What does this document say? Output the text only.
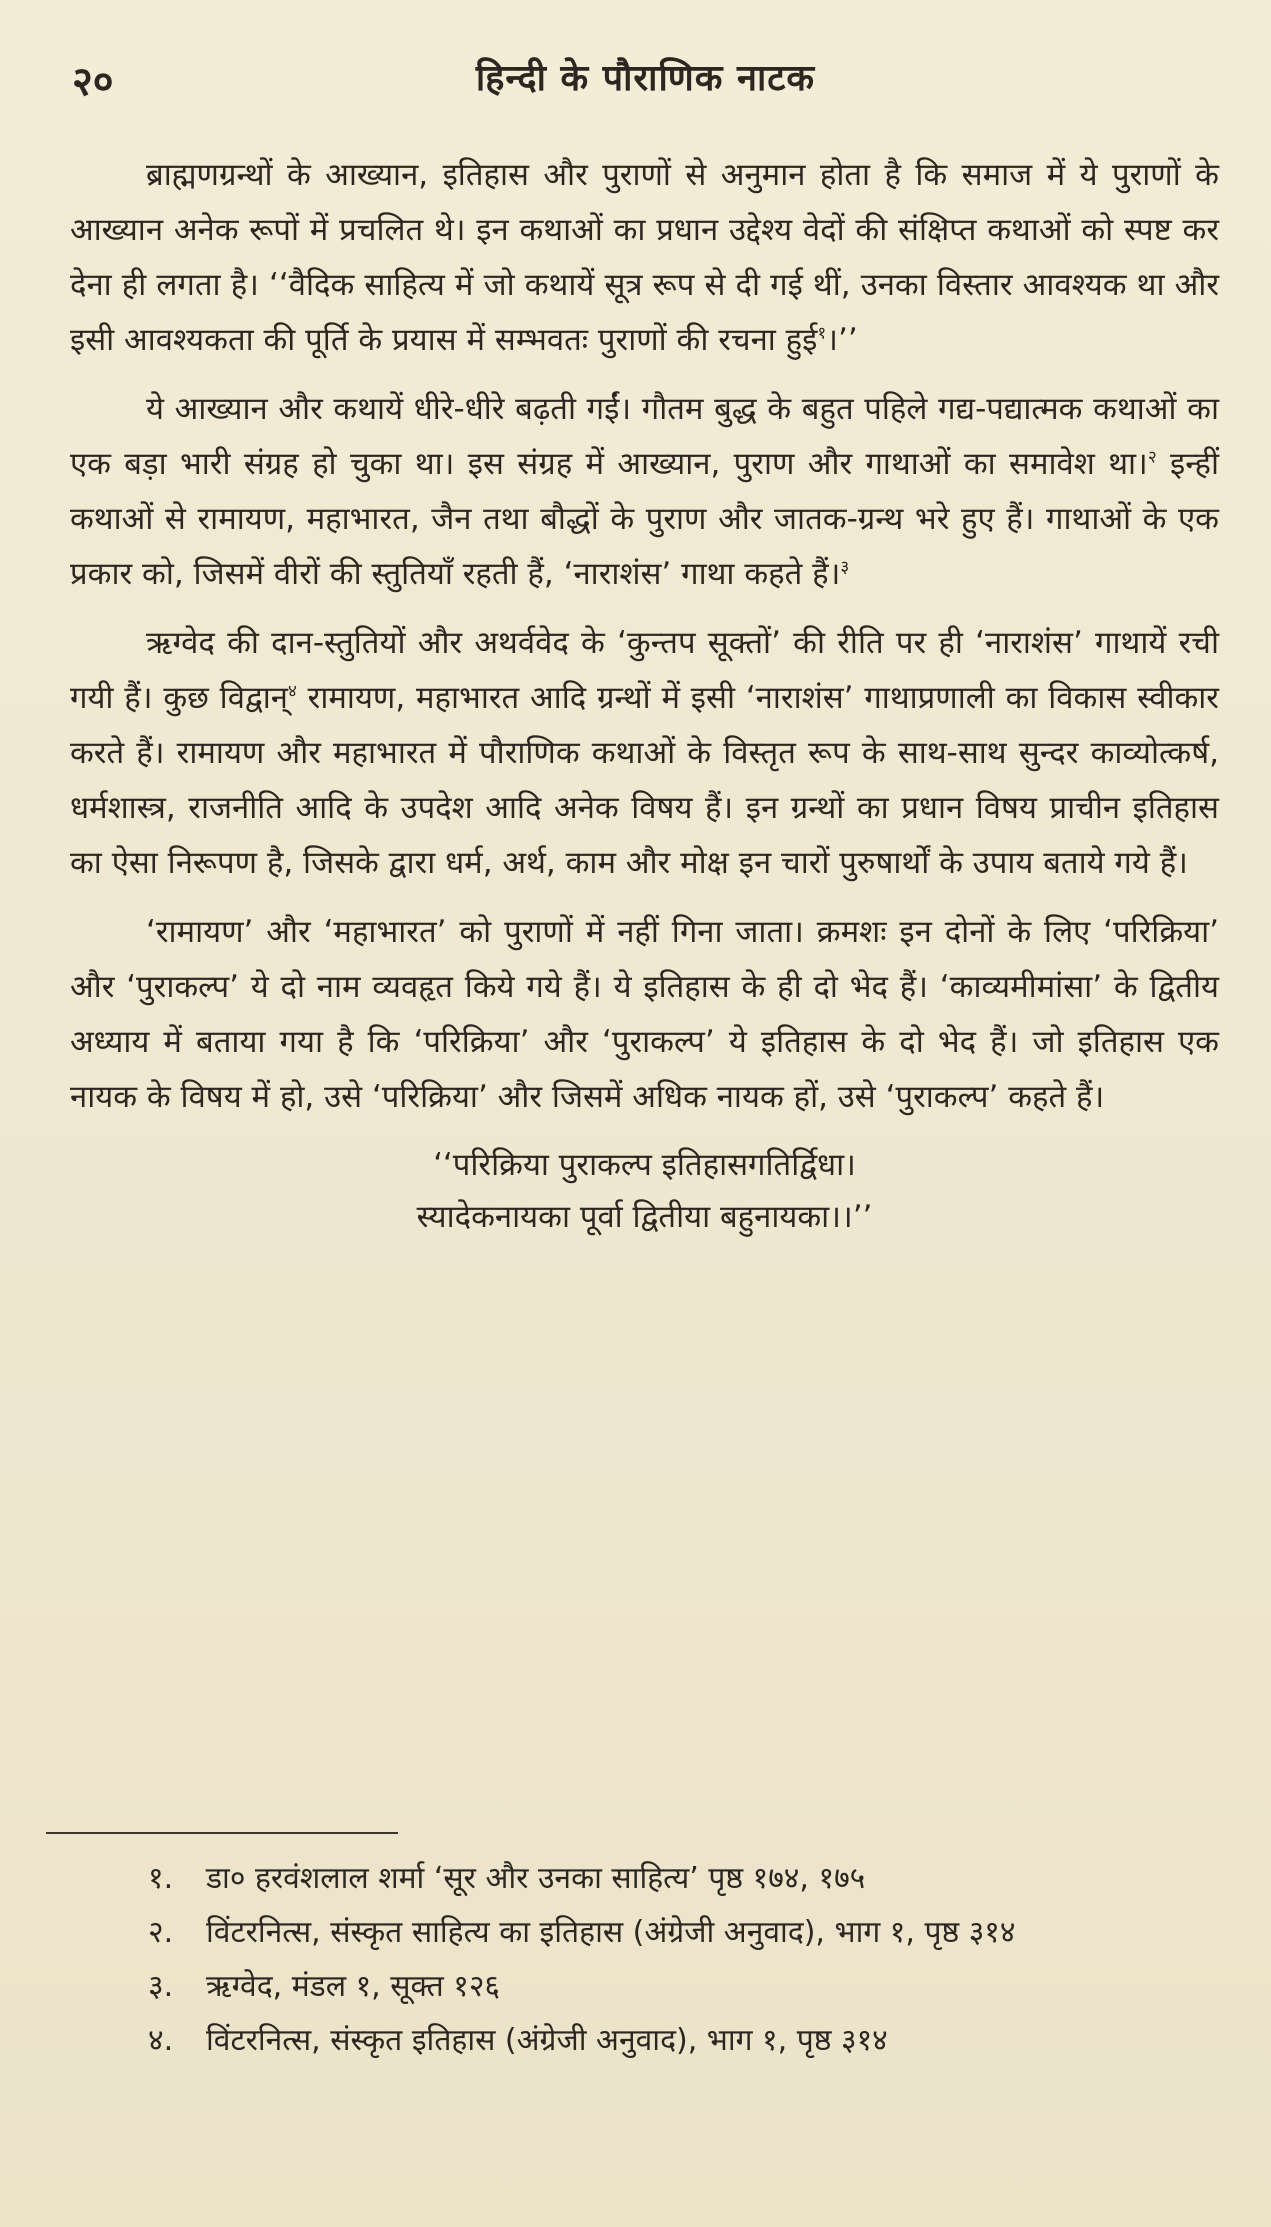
२०	हिन्दी के पौराणिक नाटक

ब्राह्मणग्रन्थों के आख्यान, इतिहास और पुराणों से अनुमान होता है कि समाज में ये पुराणों के आख्यान अनेक रूपों में प्रचलित थे। इन कथाओं का प्रधान उद्देश्य वेदों की संक्षिप्त कथाओं को स्पष्ट कर देना ही लगता है। ‘‘वैदिक साहित्य में जो कथायें सूत्र रूप से दी गई थीं, उनका विस्तार आवश्यक था और इसी आवश्यकता की पूर्ति के प्रयास में सम्भवतः पुराणों की रचना हुई$^१$।’’

ये आख्यान और कथायें धीरे-धीरे बढ़ती गईं। गौतम बुद्ध के बहुत पहिले गद्य-पद्यात्मक कथाओं का एक बड़ा भारी संग्रह हो चुका था। इस संग्रह में आख्यान, पुराण और गाथाओं का समावेश था।$^२$ इन्हीं कथाओं से रामायण, महाभारत, जैन तथा बौद्धों के पुराण और जातक-ग्रन्थ भरे हुए हैं। गाथाओं के एक प्रकार को, जिसमें वीरों की स्तुतियाँ रहती हैं, ‘नाराशंस’ गाथा कहते हैं।$^३$

ऋग्वेद की दान-स्तुतियों और अथर्ववेद के ‘कुन्तप सूक्तों’ की रीति पर ही ‘नाराशंस’ गाथायें रची गयी हैं। कुछ विद्वान्$^४$ रामायण, महाभारत आदि ग्रन्थों में इसी ‘नाराशंस’ गाथाप्रणाली का विकास स्वीकार करते हैं। रामायण और महाभारत में पौराणिक कथाओं के विस्तृत रूप के साथ-साथ सुन्दर काव्योत्कर्ष, धर्मशास्त्र, राजनीति आदि के उपदेश आदि अनेक विषय हैं। इन ग्रन्थों का प्रधान विषय प्राचीन इतिहास का ऐसा निरूपण है, जिसके द्वारा धर्म, अर्थ, काम और मोक्ष इन चारों पुरुषार्थों के उपाय बताये गये हैं।

‘रामायण’ और ‘महाभारत’ को पुराणों में नहीं गिना जाता। क्रमशः इन दोनों के लिए ‘परिक्रिया’ और ‘पुराकल्प’ ये दो नाम व्यवहृत किये गये हैं। ये इतिहास के ही दो भेद हैं। ‘काव्यमीमांसा’ के द्वितीय अध्याय में बताया गया है कि ‘परिक्रिया’ और ‘पुराकल्प’ ये इतिहास के दो भेद हैं। जो इतिहास एक नायक के विषय में हो, उसे ‘परिक्रिया’ और जिसमें अधिक नायक हों, उसे ‘पुराकल्प’ कहते हैं।

‘‘परिक्रिया पुराकल्प इतिहासगतिर्द्विधा।
स्यादेकनायका पूर्वा द्वितीया बहुनायका।।’’
१. डा० हरवंशलाल शर्मा ‘सूर और उनका साहित्य’ पृष्ठ १७४, १७५
२. विंटरनित्स, संस्कृत साहित्य का इतिहास (अंग्रेजी अनुवाद), भाग १, पृष्ठ ३१४
३. ऋग्वेद, मंडल १, सूक्त १२६
४. विंटरनित्स, संस्कृत इतिहास (अंग्रेजी अनुवाद), भाग १, पृष्ठ ३१४
